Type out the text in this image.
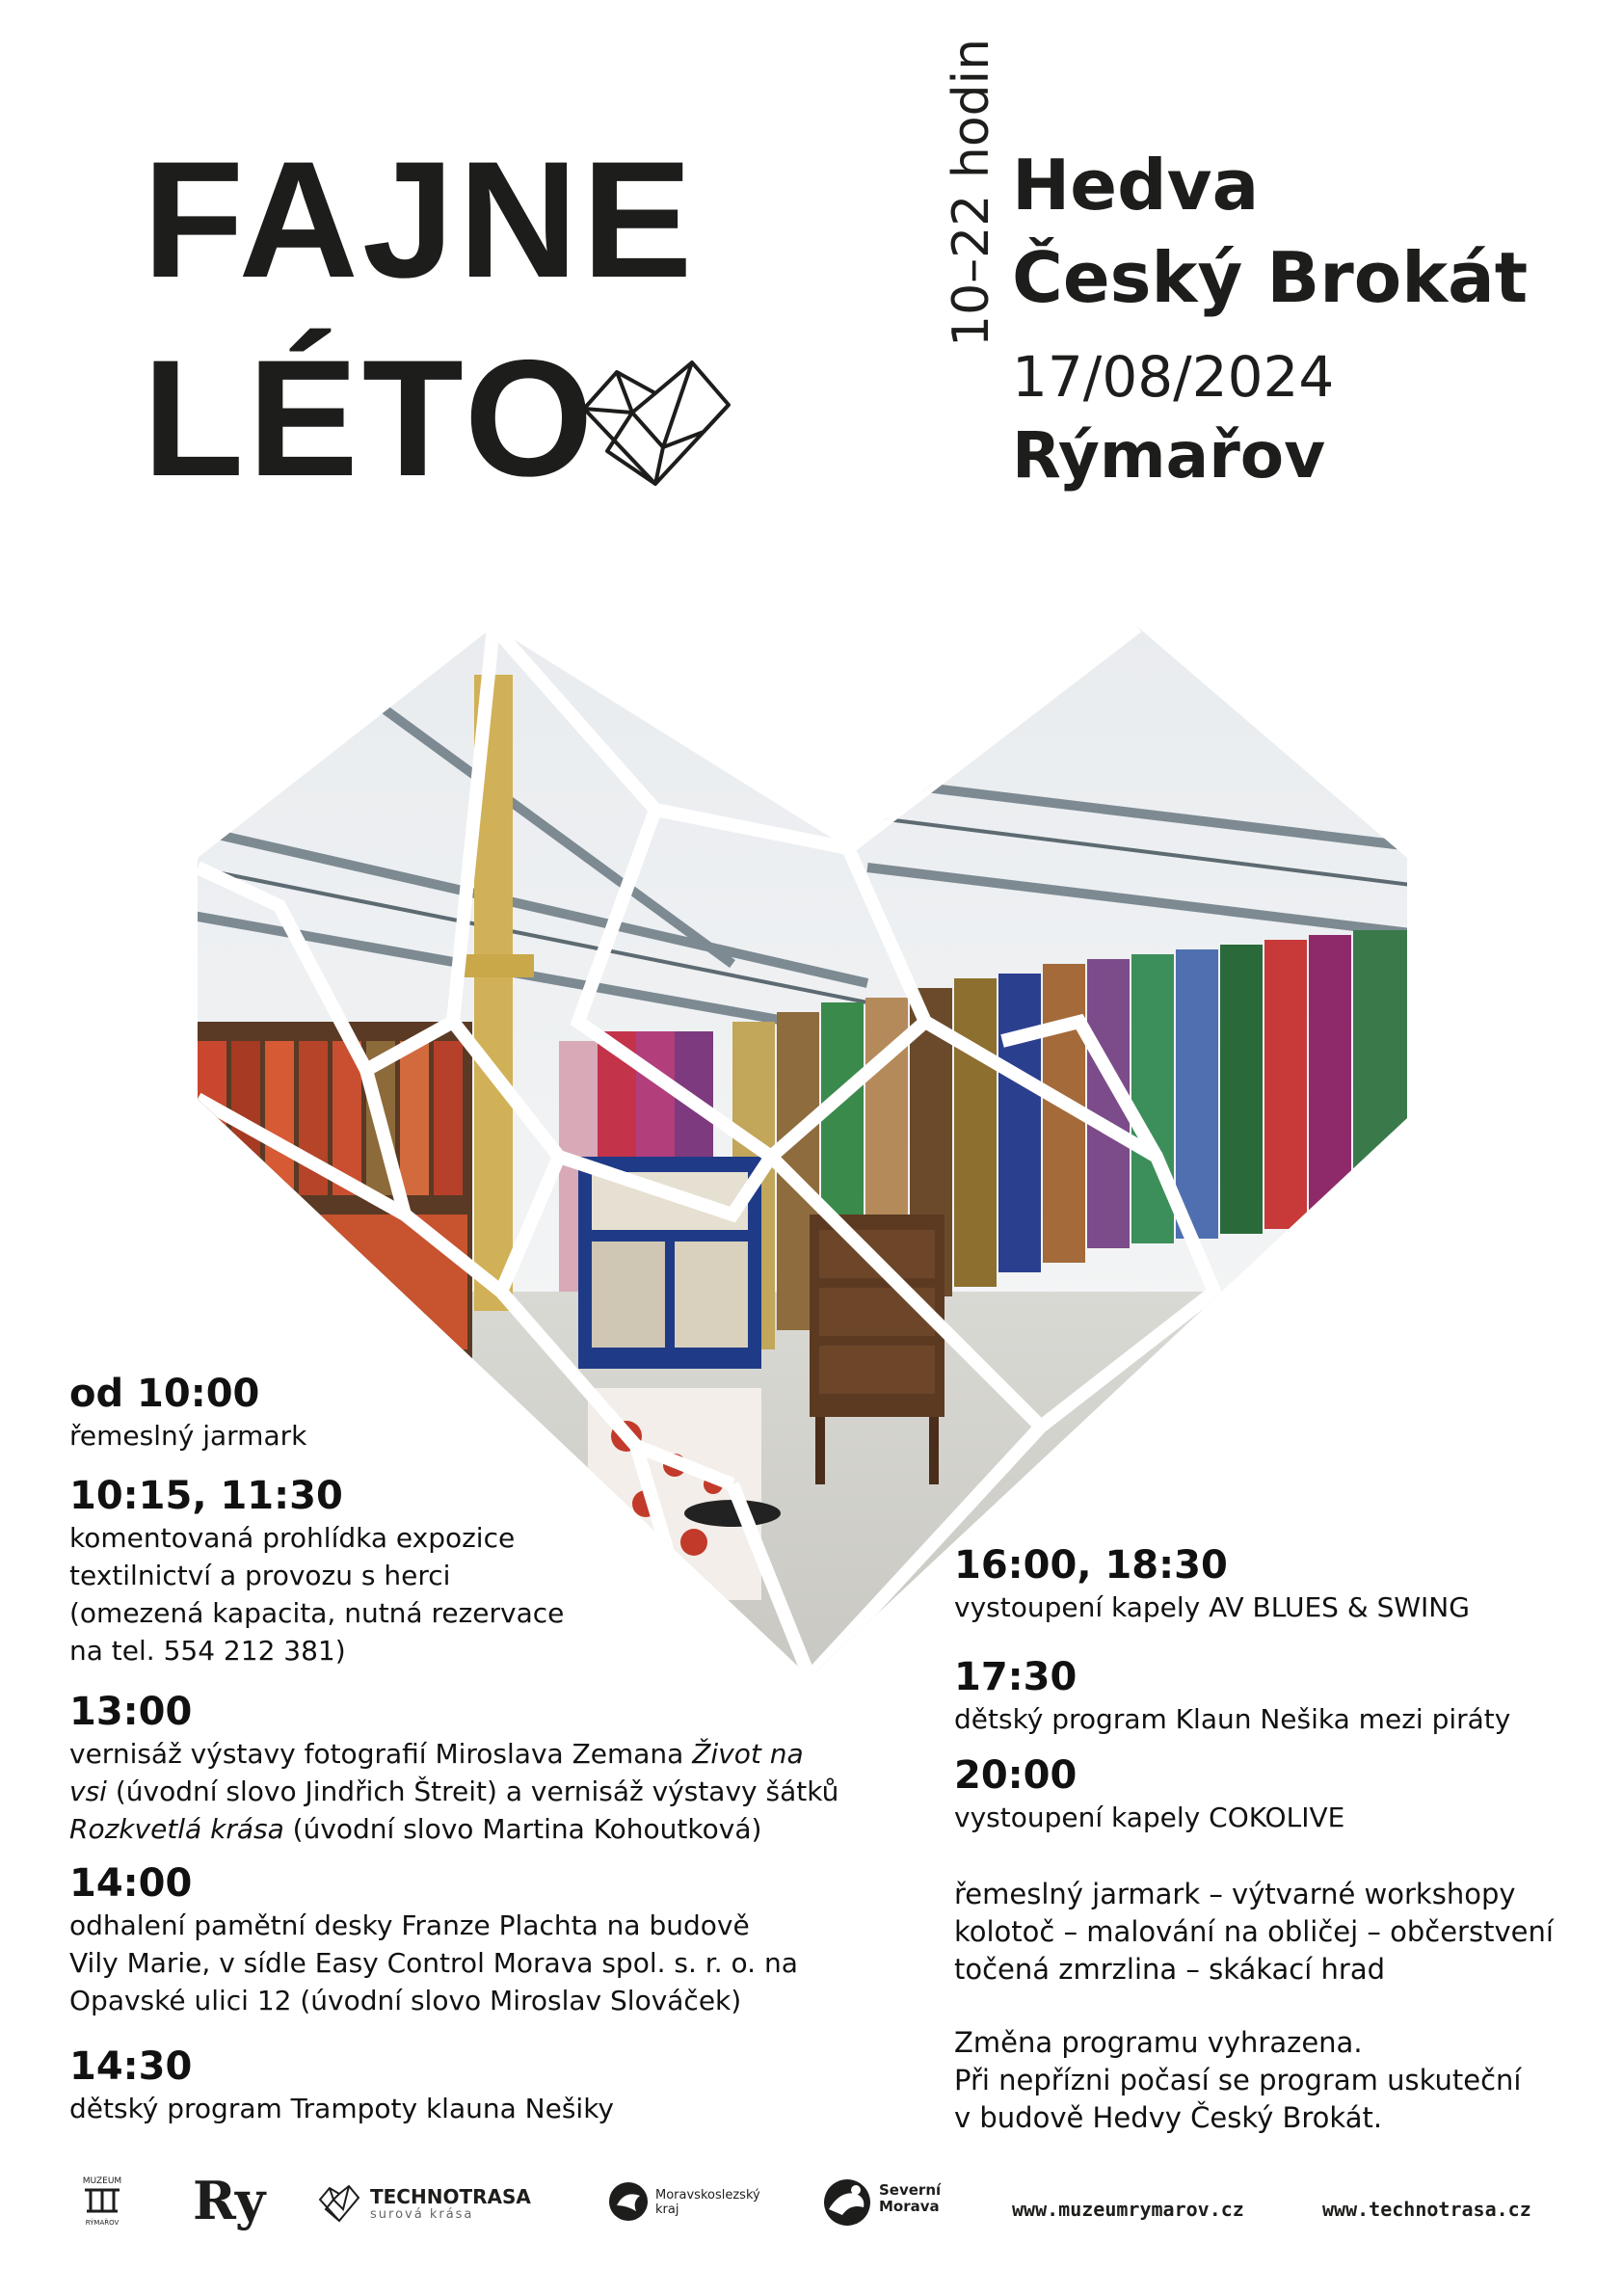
FAJNE
LÉTO
10–22 hodin Hedva
Český Brokát
17/08/2024
Rýmařov
od 10:00
řemeslný jarmark
10:15, 11:30
komentovaná prohlídka expozice
textilnictví a provozu s herci
(omezená kapacita, nutná rezervace
na tel. 554 212 381)
13:00
vernisáž výstavy fotografií Miroslava Zemana Život na
vsi (úvodní slovo Jindřich Štreit) a vernisáž výstavy šátků
Rozkvetlá krása (úvodní slovo Martina Kohoutková)
14:00
odhalení pamětní desky Franze Plachta na budově
Vily Marie, v sídle Easy Control Morava spol. s. r. o. na
Opavské ulici 12 (úvodní slovo Miroslav Slováček)
14:30
dětský program Trampoty klauna Nešiky
16:00, 18:30
vystoupení kapely AV BLUES & SWING
17:30
dětský program Klaun Nešika mezi piráty
20:00
vystoupení kapely COKOLIVE
řemeslný jarmark – výtvarné workshopy
kolotoč – malování na obličej – občerstvení
točená zmrzlina – skákací hrad
Změna programu vyhrazena.
Při nepřízni počasí se program uskuteční
v budově Hedvy Český Brokát.
MUZEUM
RÝMAŘOV Ry	TECHNOTRASA
surová krása
Moravskoslezský
kraj
Severní
Morava	www.muzeumrymarov.cz	www.technotrasa.cz
